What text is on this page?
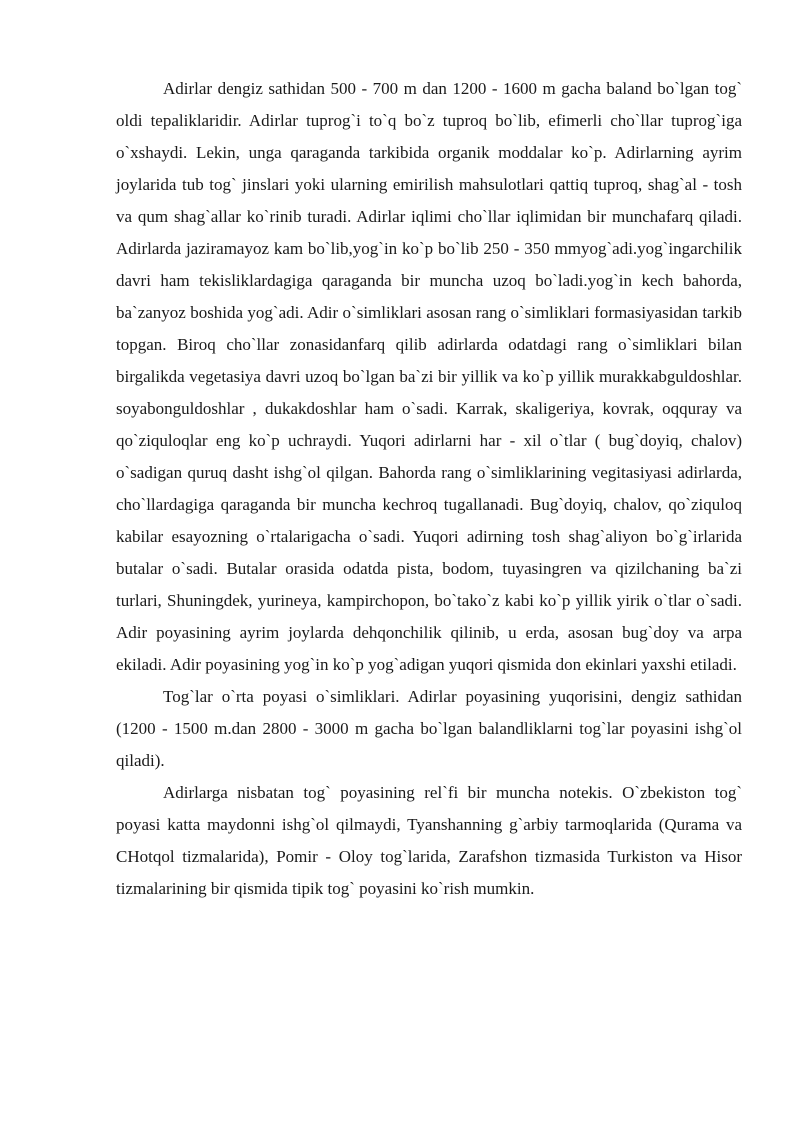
Adirlar dengiz sathidan 500 - 700 m dan 1200 - 1600 m gacha baland bo`lgan tog` oldi tepaliklaridir. Adirlar tuprog`i to`q bo`z tuproq bo`lib, efimerli cho`llar tuprog`iga o`xshaydi. Lekin, unga qaraganda tarkibida organik moddalar ko`p. Adirlarning ayrim joylarida tub tog` jinslari yoki ularning emirilish mahsulotlari qattiq tuproq, shag`al - tosh va qum shag`allar ko`rinib turadi. Adirlar iqlimi cho`llar iqlimidan bir munchafarq qiladi. Adirlarda jaziramayoz kam bo`lib,yog`in ko`p bo`lib 250 - 350 mmyog`adi.yog`ingarchilik davri ham tekisliklardagiga qaraganda bir muncha uzoq bo`ladi.yog`in kech bahorda, ba`zanyoz boshida yog`adi. Adir o`simliklari asosan rang o`simliklari formasiyasidan tarkib topgan. Biroq cho`llar zonasidanfarq qilib adirlarda odatdagi rang o`simliklari bilan birgalikda vegetasiya davri uzoq bo`lgan ba`zi bir yillik va ko`p yillik murakkabguldoshlar. soyabonguldoshlar , dukakdoshlar ham o`sadi. Karrak, skaligeriya, kovrak, oqquray va qo`ziquloqlar eng ko`p uchraydi. Yuqori adirlarni har - xil o`tlar ( bug`doyiq, chalov) o`sadigan quruq dasht ishg`ol qilgan. Bahorda rang o`simliklarining vegitasiyasi adirlarda, cho`llardagiga qaraganda bir muncha kechroq tugallanadi. Bug`doyiq, chalov, qo`ziquloq kabilar esayozning o`rtalarigacha o`sadi. Yuqori adirning tosh shag`aliyon bo`g`irlarida butalar o`sadi. Butalar orasida odatda pista, bodom, tuyasingren va qizilchaning ba`zi turlari, Shuningdek, yurineya, kampirchopon, bo`tako`z kabi ko`p yillik yirik o`tlar o`sadi. Adir poyasining ayrim joylarda dehqonchilik qilinib, u erda, asosan bug`doy va arpa ekiladi. Adir poyasining yog`in ko`p yog`adigan yuqori qismida don ekinlari yaxshi etiladi.

Tog`lar o`rta poyasi o`simliklari. Adirlar poyasining yuqorisini, dengiz sathidan (1200 - 1500 m.dan 2800 - 3000 m gacha bo`lgan balandliklarni tog`lar poyasini ishg`ol qiladi).

Adirlarga nisbatan tog` poyasining rel`fi bir muncha notekis. O`zbekiston tog` poyasi katta maydonni ishg`ol qilmaydi, Tyanshanning g`arbiy tarmoqlarida (Qurama va CHotqol tizmalarida), Pomir - Oloy tog`larida, Zarafshon tizmasida Turkiston va Hisor tizmalarining bir qismida tipik tog` poyasini ko`rish mumkin.
